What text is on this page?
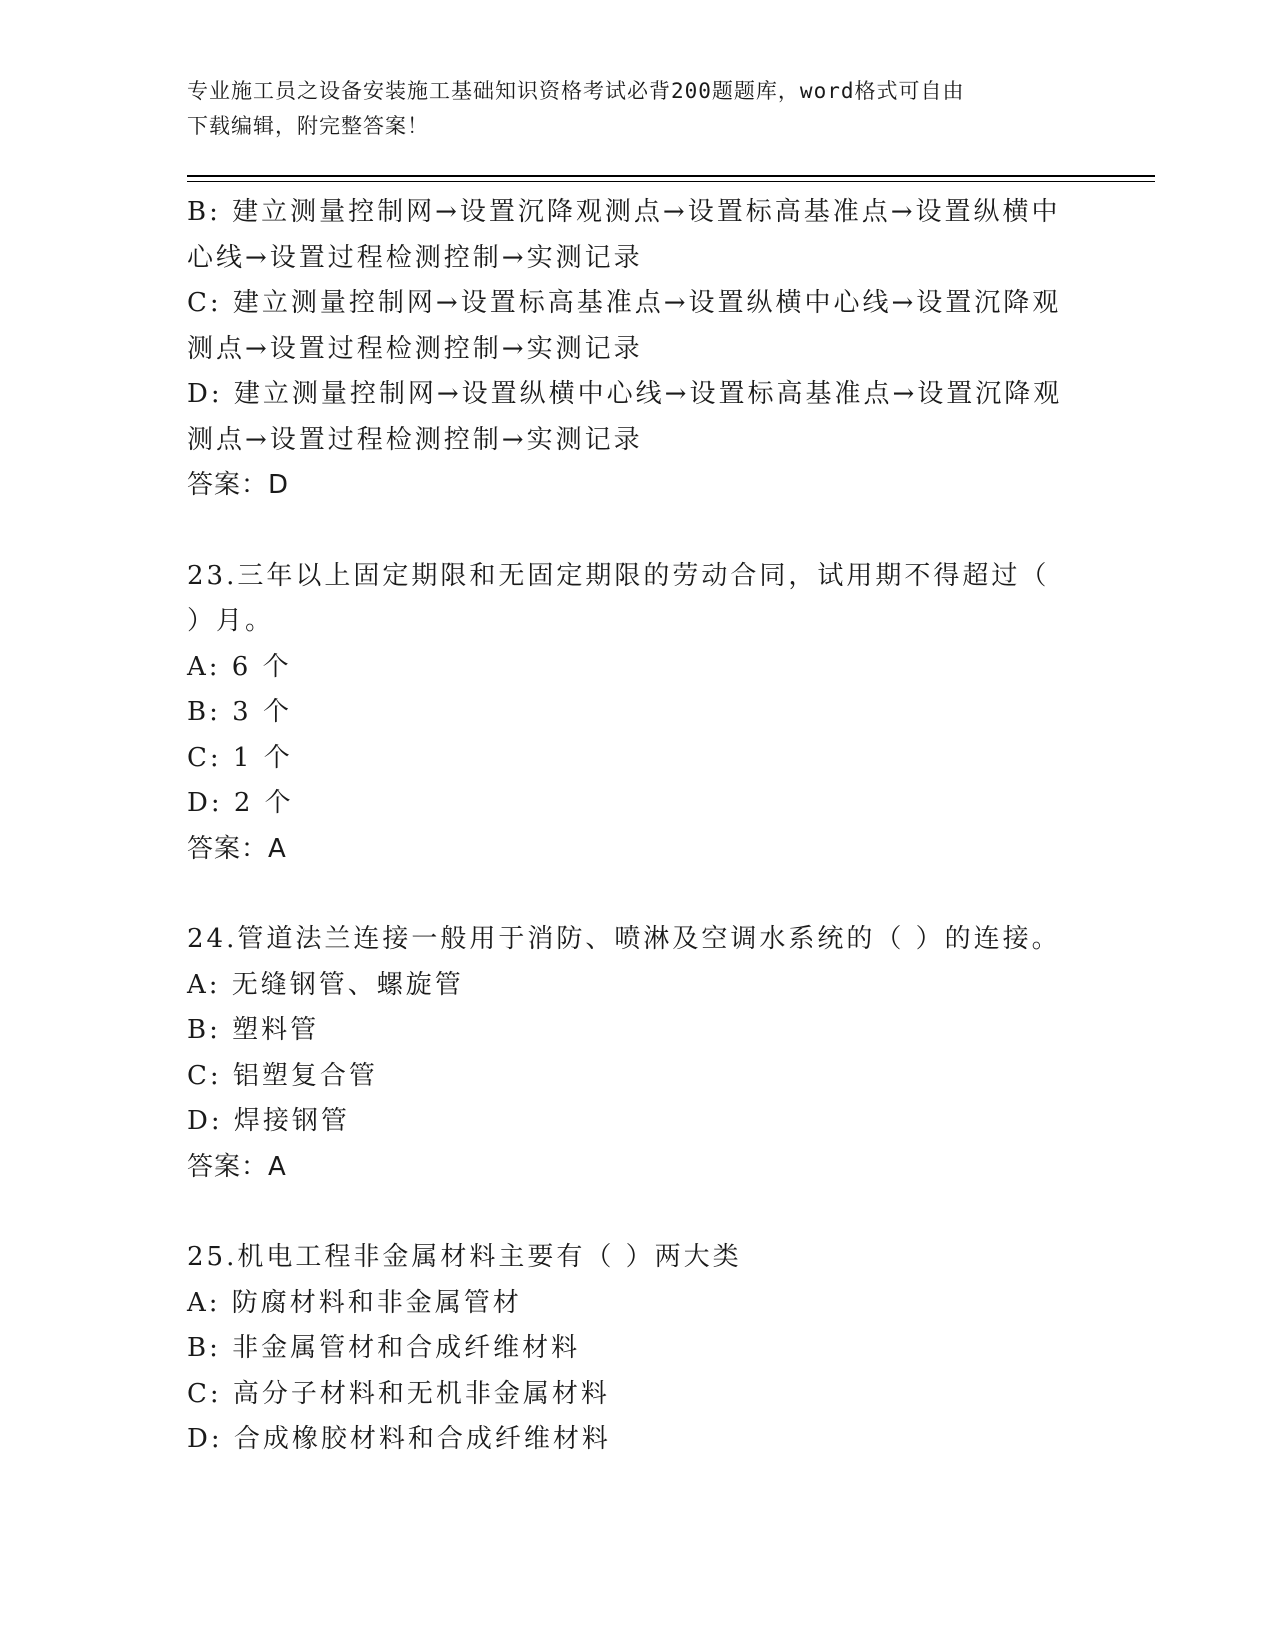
专业施工员之设备安装施工基础知识资格考试必背200题题库，word格式可自由
下载编辑，附完整答案！
B: 建立测量控制网→设置沉降观测点→设置标高基准点→设置纵横中
心线→设置过程检测控制→实测记录
C: 建立测量控制网→设置标高基准点→设置纵横中心线→设置沉降观
测点→设置过程检测控制→实测记录
D: 建立测量控制网→设置纵横中心线→设置标高基准点→设置沉降观
测点→设置过程检测控制→实测记录
答案：D
23.三年以上固定期限和无固定期限的劳动合同，试用期不得超过（
）月。
A: 6 个
B: 3 个
C: 1 个
D: 2 个
答案：A
24.管道法兰连接一般用于消防、喷淋及空调水系统的（ ）的连接。
A: 无缝钢管、螺旋管
B: 塑料管
C: 铝塑复合管
D: 焊接钢管
答案：A
25.机电工程非金属材料主要有（ ）两大类
A: 防腐材料和非金属管材
B: 非金属管材和合成纤维材料
C: 高分子材料和无机非金属材料
D: 合成橡胶材料和合成纤维材料
